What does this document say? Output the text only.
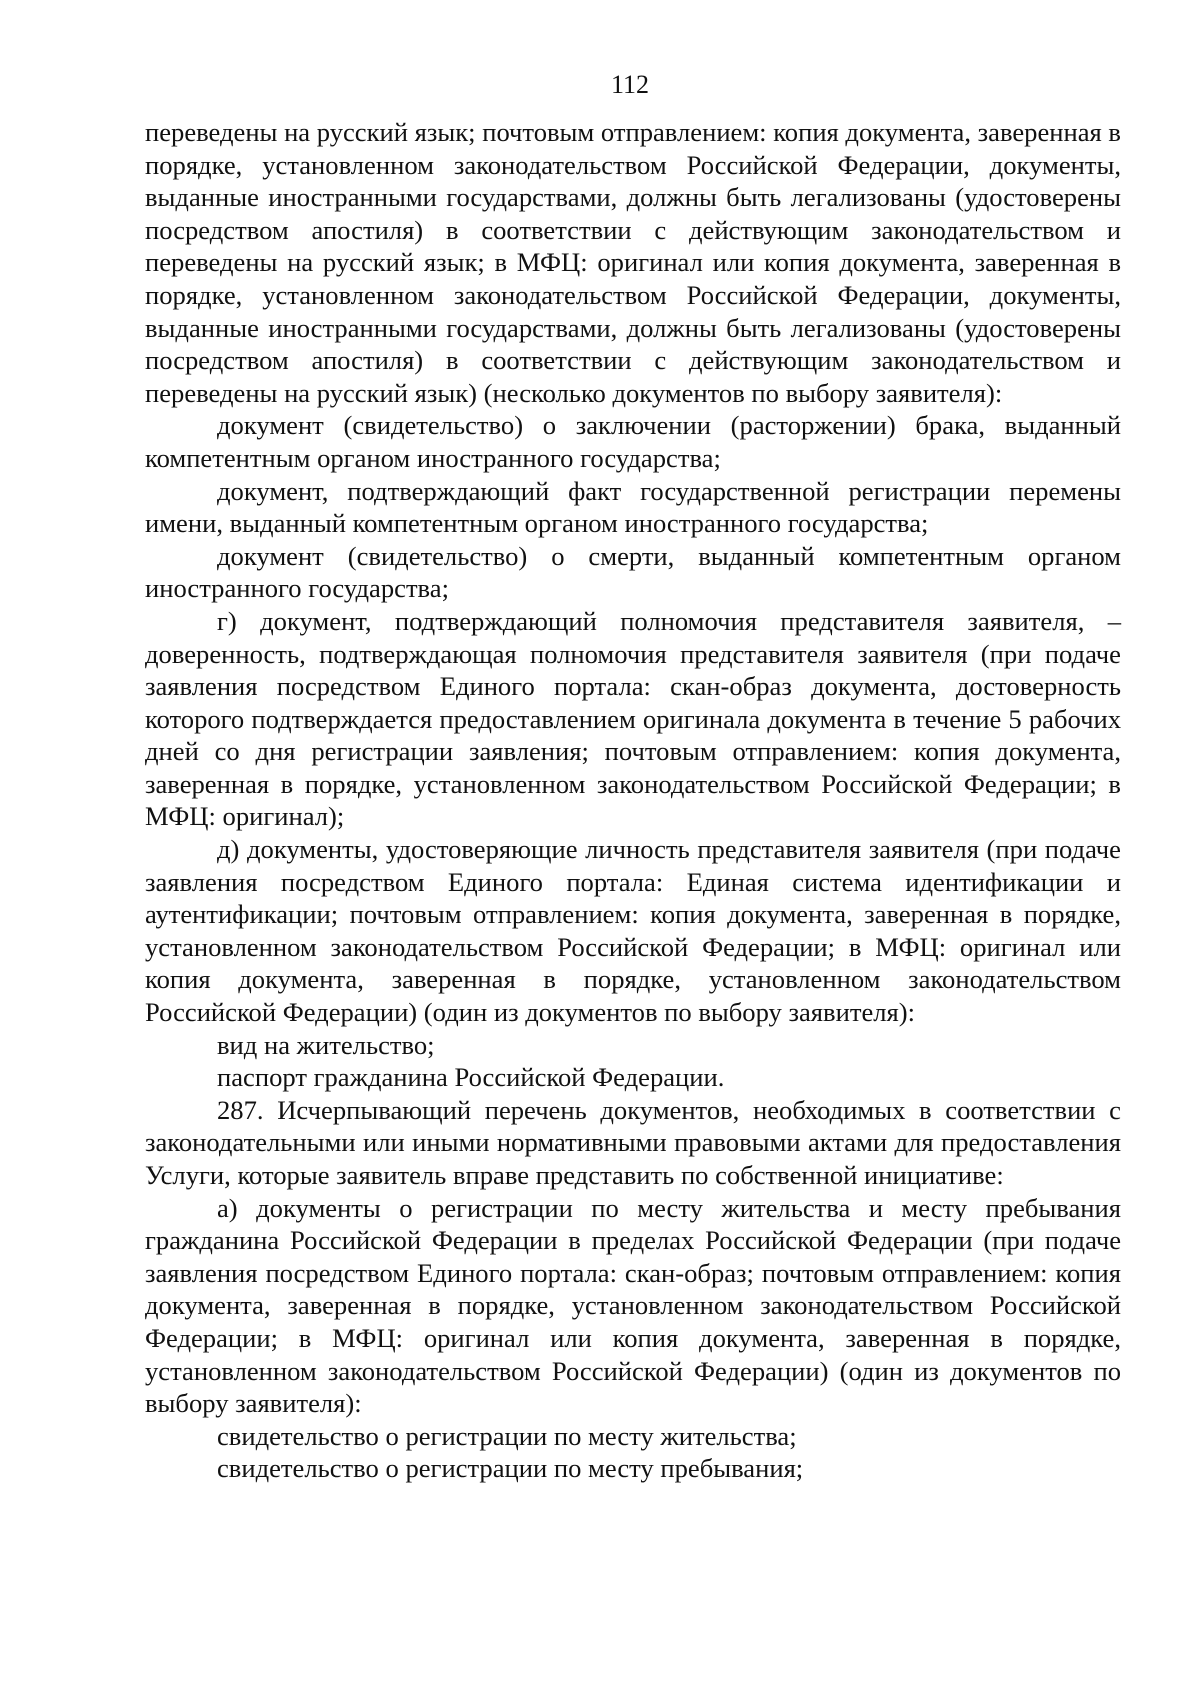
112

переведены на русский язык; почтовым отправлением: копия документа, заверенная в порядке, установленном законодательством Российской Федерации, документы, выданные иностранными государствами, должны быть легализованы (удостоверены посредством апостиля) в соответствии с действующим законодательством и переведены на русский язык; в МФЦ: оригинал или копия документа, заверенная в порядке, установленном законодательством Российской Федерации, документы, выданные иностранными государствами, должны быть легализованы (удостоверены посредством апостиля) в соответствии с действующим законодательством и переведены на русский язык) (несколько документов по выбору заявителя):

документ (свидетельство) о заключении (расторжении) брака, выданный компетентным органом иностранного государства;

документ, подтверждающий факт государственной регистрации перемены имени, выданный компетентным органом иностранного государства;

документ (свидетельство) о смерти, выданный компетентным органом иностранного государства;

г) документ, подтверждающий полномочия представителя заявителя, – доверенность, подтверждающая полномочия представителя заявителя (при подаче заявления посредством Единого портала: скан-образ документа, достоверность которого подтверждается предоставлением оригинала документа в течение 5 рабочих дней со дня регистрации заявления; почтовым отправлением: копия документа, заверенная в порядке, установленном законодательством Российской Федерации; в МФЦ: оригинал);

д) документы, удостоверяющие личность представителя заявителя (при подаче заявления посредством Единого портала: Единая система идентификации и аутентификации; почтовым отправлением: копия документа, заверенная в порядке, установленном законодательством Российской Федерации; в МФЦ: оригинал или копия документа, заверенная в порядке, установленном законодательством Российской Федерации) (один из документов по выбору заявителя):

вид на жительство;

паспорт гражданина Российской Федерации.

287. Исчерпывающий перечень документов, необходимых в соответствии с законодательными или иными нормативными правовыми актами для предоставления Услуги, которые заявитель вправе представить по собственной инициативе:

а) документы о регистрации по месту жительства и месту пребывания гражданина Российской Федерации в пределах Российской Федерации (при подаче заявления посредством Единого портала: скан-образ; почтовым отправлением: копия документа, заверенная в порядке, установленном законодательством Российской Федерации; в МФЦ: оригинал или копия документа, заверенная в порядке, установленном законодательством Российской Федерации) (один из документов по выбору заявителя):

свидетельство о регистрации по месту жительства;

свидетельство о регистрации по месту пребывания;
